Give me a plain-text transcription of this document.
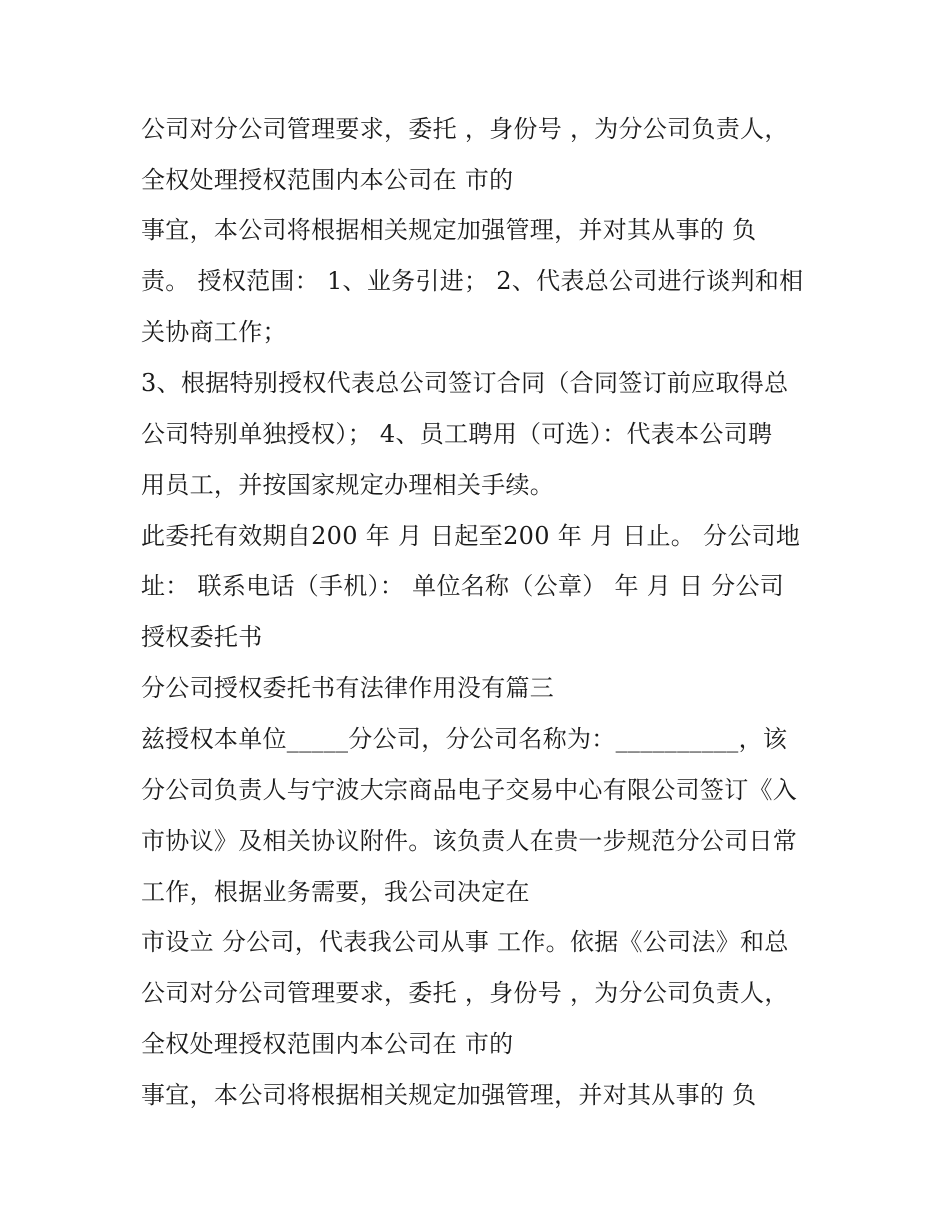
公司对分公司管理要求，委托 ，身份号 ，为分公司负责人，
全权处理授权范围内本公司在 市的
事宜，本公司将根据相关规定加强管理，并对其从事的 负
责。 授权范围： 1、业务引进； 2、代表总公司进行谈判和相
关协商工作；
3、根据特别授权代表总公司签订合同（合同签订前应取得总
公司特别单独授权）； 4、员工聘用（可选）：代表本公司聘
用员工，并按国家规定办理相关手续。
此委托有效期自200 年 月 日起至200 年 月 日止。 分公司地
址： 联系电话（手机）： 单位名称（公章） 年 月 日 分公司
授权委托书
分公司授权委托书有法律作用没有篇三
兹授权本单位_____分公司，分公司名称为：__________，该
分公司负责人与宁波大宗商品电子交易中心有限公司签订《入
市协议》及相关协议附件。该负责人在贵一步规范分公司日常
工作，根据业务需要，我公司决定在
市设立 分公司，代表我公司从事 工作。依据《公司法》和总
公司对分公司管理要求，委托 ，身份号 ，为分公司负责人，
全权处理授权范围内本公司在 市的
事宜，本公司将根据相关规定加强管理，并对其从事的 负
